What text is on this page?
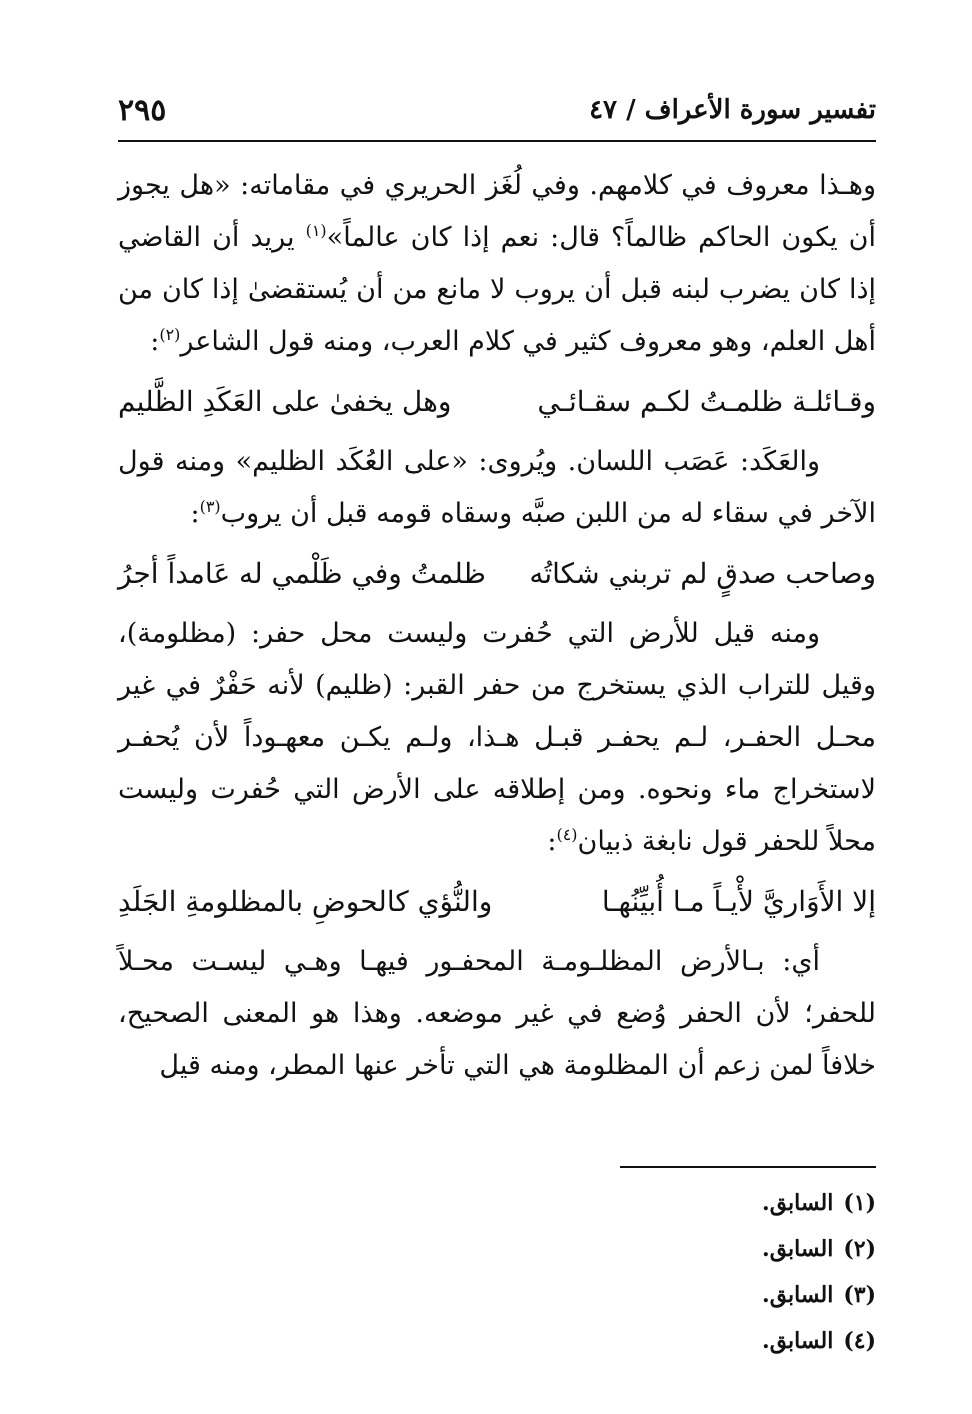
تفسير سورة الأعراف / ٤٧
٢٩٥

وهـذا معروف في كلامهم. وفي لُغَز الحريري في مقاماته: «هل يجوز أن يكون الحاكم ظالماً؟ قال: نعم إذا كان عالماً»$^{(١)}$ يريد أن القاضي إذا كان يضرب لبنه قبل أن يروب لا مانع من أن يُستقضىٰ إذا كان من أهل العلم، وهو معروف كثير في كلام العرب، ومنه قول الشاعر$^{(٢)}$:

وقـائلـة ظلمـتُ لكـم سقـائـي
وهل يخفىٰ على العَكَدِ الظَّليم

والعَكَد: عَصَب اللسان. ويُروى: «على العُكَد الظليم» ومنه قول الآخر في سقاء له من اللبن صبَّه وسقاه قومه قبل أن يروب$^{(٣)}$:

وصاحب صدقٍ لم تربني شكاتُه
ظلمتُ وفي ظَلْمي له عَامداً أجرُ

ومنه قيل للأرض التي حُفرت وليست محل حفر: (مظلومة)، وقيل للتراب الذي يستخرج من حفر القبر: (ظليم) لأنه حَفْرٌ في غير محـل الحفـر، لـم يحفـر قبـل هـذا، ولـم يكـن معهـوداً لأن يُحفـر لاستخراج ماء ونحوه. ومن إطلاقه على الأرض التي حُفرت وليست محلاً للحفر قول نابغة ذبيان$^{(٤)}$:

إلا الأَوَاريَّ لأْيـاً مـا أُبيِّنُهـا
والنُّؤي كالحوضِ بالمظلومةِ الجَلَدِ

أي: بـالأرض المظلـومـة المحفـور فيهـا وهـي ليسـت محـلاً للحفر؛ لأن الحفر وُضع في غير موضعه. وهذا هو المعنى الصحيح، خلافاً لمن زعم أن المظلومة هي التي تأخر عنها المطر، ومنه قيل

(١)
السابق.
(٢)
السابق.
(٣)
السابق.
(٤)
السابق.
